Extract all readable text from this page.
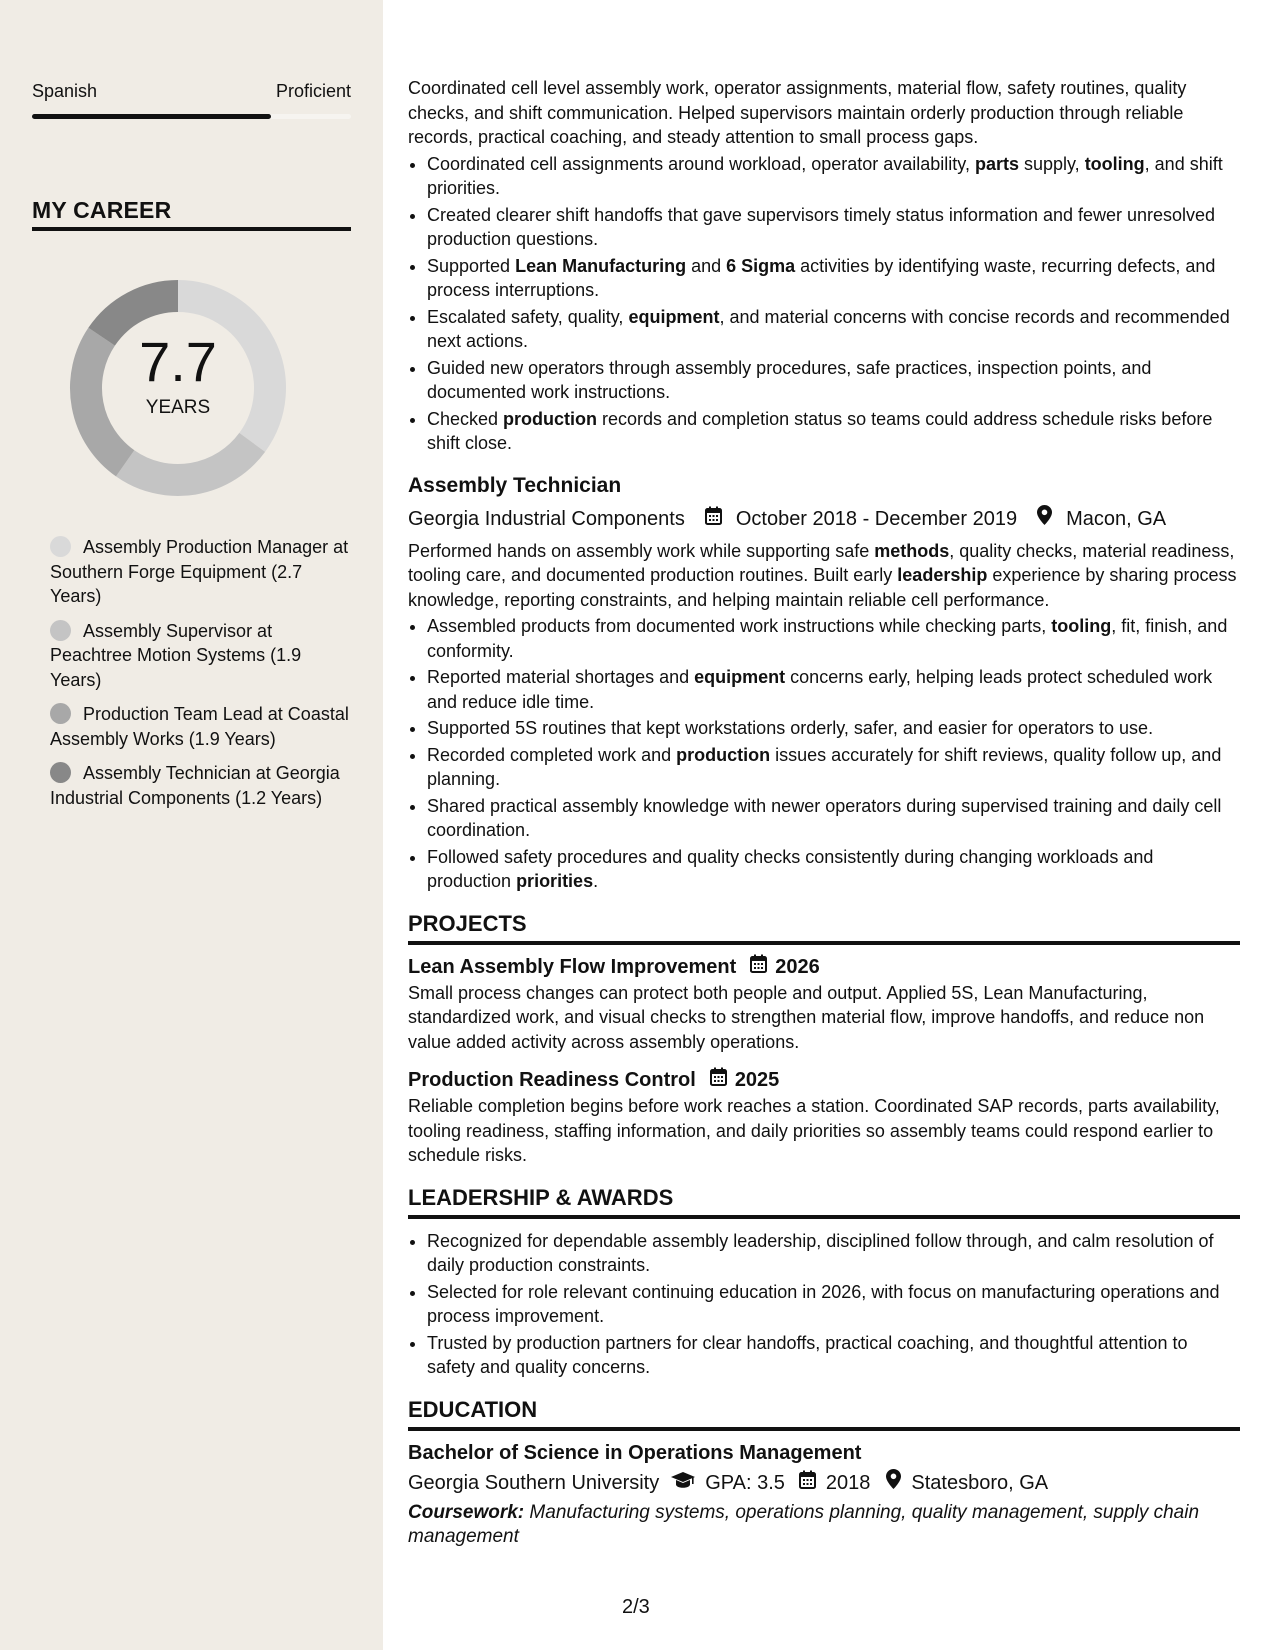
Spanish	Proficient
MY CAREER
7.7
YEARS
Assembly Production Manager at Southern Forge Equipment (2.7 Years)
Assembly Supervisor at Peachtree Motion Systems (1.9 Years)
Production Team Lead at Coastal Assembly Works (1.9 Years)
Assembly Technician at Georgia Industrial Components (1.2 Years)

Coordinated cell level assembly work, operator assignments, material flow, safety routines, quality checks, and shift communication. Helped supervisors maintain orderly production through reliable records, practical coaching, and steady attention to small process gaps.

• Coordinated cell assignments around workload, operator availability, parts supply, tooling, and shift priorities.
• Created clearer shift handoffs that gave supervisors timely status information and fewer unresolved production questions.
• Supported Lean Manufacturing and 6 Sigma activities by identifying waste, recurring defects, and process interruptions.
• Escalated safety, quality, equipment, and material concerns with concise records and recommended next actions.
• Guided new operators through assembly procedures, safe practices, inspection points, and documented work instructions.
• Checked production records and completion status so teams could address schedule risks before shift close.
Assembly Technician
Georgia Industrial Components	October 2018 - December 2019 Macon, GA

Performed hands on assembly work while supporting safe methods, quality checks, material readiness, tooling care, and documented production routines. Built early leadership experience by sharing process knowledge, reporting constraints, and helping maintain reliable cell performance.

• Assembled products from documented work instructions while checking parts, tooling, fit, finish, and conformity.
• Reported material shortages and equipment concerns early, helping leads protect scheduled work and reduce idle time.
• Supported 5S routines that kept workstations orderly, safer, and easier for operators to use.
• Recorded completed work and production issues accurately for shift reviews, quality follow up, and planning.
• Shared practical assembly knowledge with newer operators during supervised training and daily cell coordination.
• Followed safety procedures and quality checks consistently during changing workloads and production priorities.
PROJECTS
Lean Assembly Flow Improvement 2026

Small process changes can protect both people and output. Applied 5S, Lean Manufacturing, standardized work, and visual checks to strengthen material flow, improve handoffs, and reduce non value added activity across assembly operations.

Production Readiness Control 2025

Reliable completion begins before work reaches a station. Coordinated SAP records, parts availability, tooling readiness, staffing information, and daily priorities so assembly teams could respond earlier to schedule risks.

LEADERSHIP & AWARDS
• Recognized for dependable assembly leadership, disciplined follow through, and calm resolution of daily production constraints.
• Selected for role relevant continuing education in 2026, with focus on manufacturing operations and process improvement.
• Trusted by production partners for clear handoffs, practical coaching, and thoughtful attention to safety and quality concerns.
EDUCATION
Bachelor of Science in Operations Management
Georgia Southern University GPA: 3.5 2018 Statesboro, GA

Coursework: Manufacturing systems, operations planning, quality management, supply chain management

2/3
